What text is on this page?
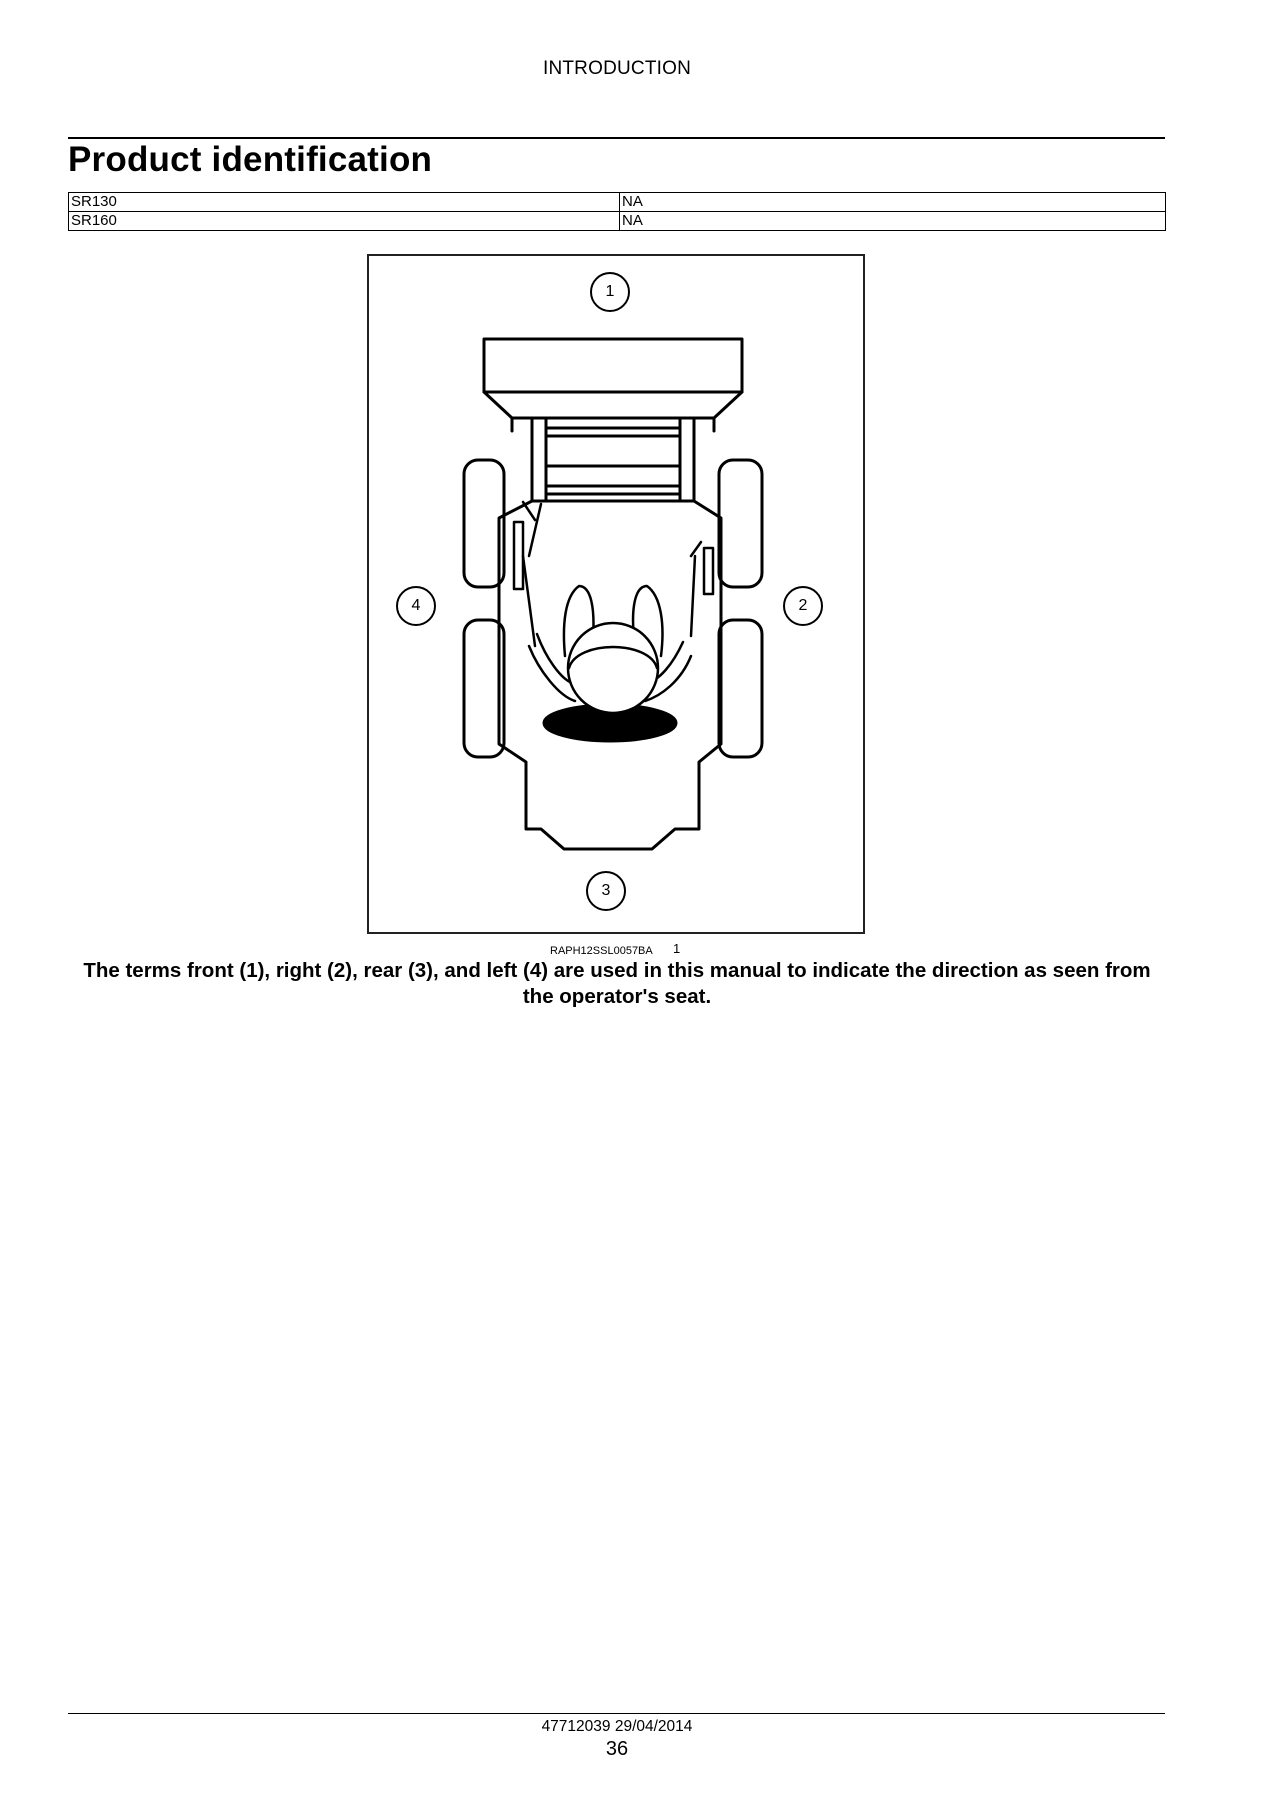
INTRODUCTION
Product identification
SR130	NA
SR160	NA
1
2
3
4
RAPH12SSL0057BA 1

The terms front (1), right (2), rear (3), and left (4) are used in this manual to indicate the direction as seen from the operator's seat.

47712039 29/04/2014
36
